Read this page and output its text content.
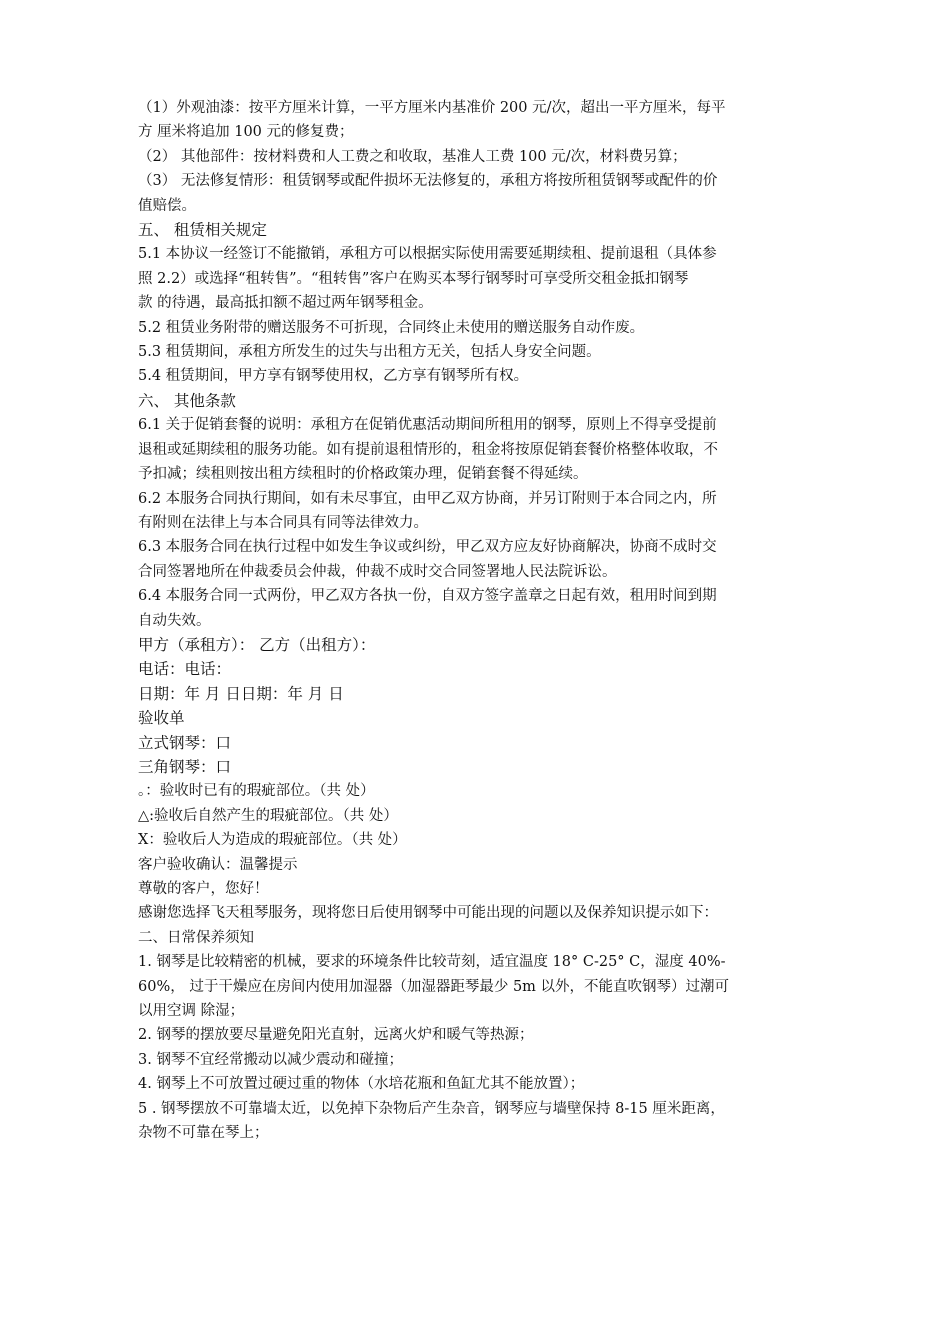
（1）外观油漆：按平方厘米计算，一平方厘米内基准价 200 元/次，超出一平方厘米，每平
方 厘米将追加 100 元的修复费；
（2） 其他部件：按材料费和人工费之和收取，基准人工费 100 元/次，材料费另算；
（3） 无法修复情形：租赁钢琴或配件损坏无法修复的，承租方将按所租赁钢琴或配件的价
值赔偿。
五、 租赁相关规定
5.1 本协议一经签订不能撤销，承租方可以根据实际使用需要延期续租、提前退租（具体参
照 2.2）或选择“租转售”。“租转售”客户在购买本琴行钢琴时可享受所交租金抵扣钢琴
款 的待遇，最高抵扣额不超过两年钢琴租金。
5.2 租赁业务附带的赠送服务不可折现，合同终止未使用的赠送服务自动作废。
5.3 租赁期间，承租方所发生的过失与出租方无关，包括人身安全问题。
5.4 租赁期间，甲方享有钢琴使用权，乙方享有钢琴所有权。
六、 其他条款
6.1 关于促销套餐的说明：承租方在促销优惠活动期间所租用的钢琴，原则上不得享受提前
退租或延期续租的服务功能。如有提前退租情形的，租金将按原促销套餐价格整体收取，不
予扣减；续租则按出租方续租时的价格政策办理，促销套餐不得延续。
6.2 本服务合同执行期间，如有未尽事宜，由甲乙双方协商，并另订附则于本合同之内，所
有附则在法律上与本合同具有同等法律效力。
6.3 本服务合同在执行过程中如发生争议或纠纷，甲乙双方应友好协商解决，协商不成时交
合同签署地所在仲裁委员会仲裁，仲裁不成时交合同签署地人民法院诉讼。
6.4 本服务合同一式两份，甲乙双方各执一份，自双方签字盖章之日起有效，租用时间到期
自动失效。
甲方（承租方）： 乙方（出租方）：
电话：电话：
日期：年 月 日日期：年 月 日
验收单
立式钢琴：口
三角钢琴：口
。：验收时已有的瑕疵部位。（共 处）
△:验收后自然产生的瑕疵部位。（共 处）
X：验收后人为造成的瑕疵部位。（共 处）
客户验收确认：温馨提示
尊敬的客户，您好！
感谢您选择飞天租琴服务，现将您日后使用钢琴中可能出现的问题以及保养知识提示如下：
二、日常保养须知
1. 钢琴是比较精密的机械，要求的环境条件比较苛刻，适宜温度 18° C-25° C，湿度 40%-
60%， 过于干燥应在房间内使用加湿器（加湿器距琴最少 5m 以外，不能直吹钢琴）过潮可
以用空调 除湿；
2. 钢琴的摆放要尽量避免阳光直射，远离火炉和暖气等热源；
3. 钢琴不宜经常搬动以减少震动和碰撞；
4. 钢琴上不可放置过硬过重的物体（水培花瓶和鱼缸尤其不能放置）；
5 . 钢琴摆放不可靠墙太近，以免掉下杂物后产生杂音，钢琴应与墙壁保持 8-15 厘米距离，
杂物不可靠在琴上；
